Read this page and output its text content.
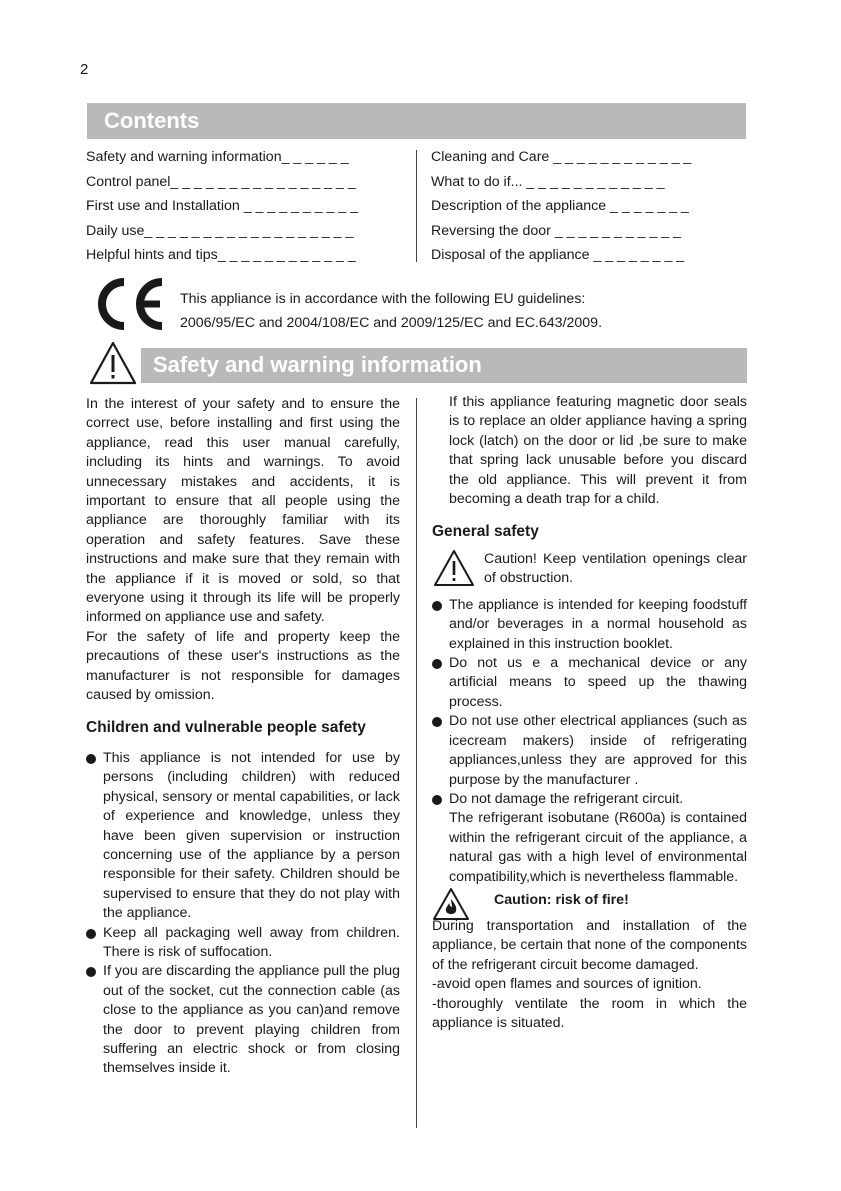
2
Contents
Safety and warning information_ _ _ _ _ _
Control panel_ _ _ _ _ _ _ _ _ _ _ _ _ _ _ _
First use and Installation _ _ _ _ _ _ _ _ _ _
Daily use_ _ _ _ _ _ _ _ _ _ _ _ _ _ _ _ _ _
Helpful hints and tips_ _ _ _ _ _ _ _ _ _ _ _
Cleaning and Care _ _ _ _ _ _ _ _ _ _ _ _
What to do if... _ _ _ _ _ _ _ _ _ _ _ _
Description of the appliance _ _ _ _ _ _ _
Reversing the door _ _ _ _ _ _ _ _ _ _ _
Disposal of the appliance _ _ _ _ _ _ _ _
This appliance is in accordance with the following EU guidelines:
2006/95/EC and 2004/108/EC and 2009/125/EC and EC.643/2009.
Safety and warning information

In the interest of your safety and to ensure the correct use, before installing and first using the appliance, read this user manual carefully, including its hints and warnings. To avoid unnecessary mistakes and accidents, it is important to ensure that all people using the appliance are thoroughly familiar with its operation and safety features. Save these instructions and make sure that they remain with the appliance if it is moved or sold, so that everyone using it through its life will be properly informed on appliance use and safety.

For the safety of life and property keep the precautions of these user's instructions as the manufacturer is not responsible for damages caused by omission.

Children and vulnerable people safety
This appliance is not intended for use by persons (including children) with reduced physical, sensory or mental capabilities, or lack of experience and knowledge, unless they have been given supervision or instruction concerning use of the appliance by a person responsible for their safety. Children should be supervised to ensure that they do not play with the appliance.
Keep all packaging well away from children. There is risk of suffocation.
If you are discarding the appliance pull the plug out of the socket, cut the connection cable (as close to the appliance as you can)and remove the door to prevent playing children from suffering an electric shock or from closing themselves inside it.

If this appliance featuring magnetic door seals is to replace an older appliance having a spring lock (latch) on the door or lid ,be sure to make that spring lack unusable before you discard the old appliance. This will prevent it from becoming a death trap for a child.

General safety
Caution! Keep ventilation openings clear of obstruction.
The appliance is intended for keeping foodstuff and/or beverages in a normal household as explained in this instruction booklet.
Do not us e a mechanical device or any artificial means to speed up the thawing process.
Do not use other electrical appliances (such as icecream makers) inside of refrigerating appliances,unless they are approved for this purpose by the manufacturer .
Do not damage the refrigerant circuit.

The refrigerant isobutane (R600a) is contained within the refrigerant circuit of the appliance, a natural gas with a high level of environmental compatibility,which is nevertheless flammable.

Caution: risk of fire!

During transportation and installation of the appliance, be certain that none of the components of the refrigerant circuit become damaged.

-avoid open flames and sources of ignition.

-thoroughly ventilate the room in which the appliance is situated.
